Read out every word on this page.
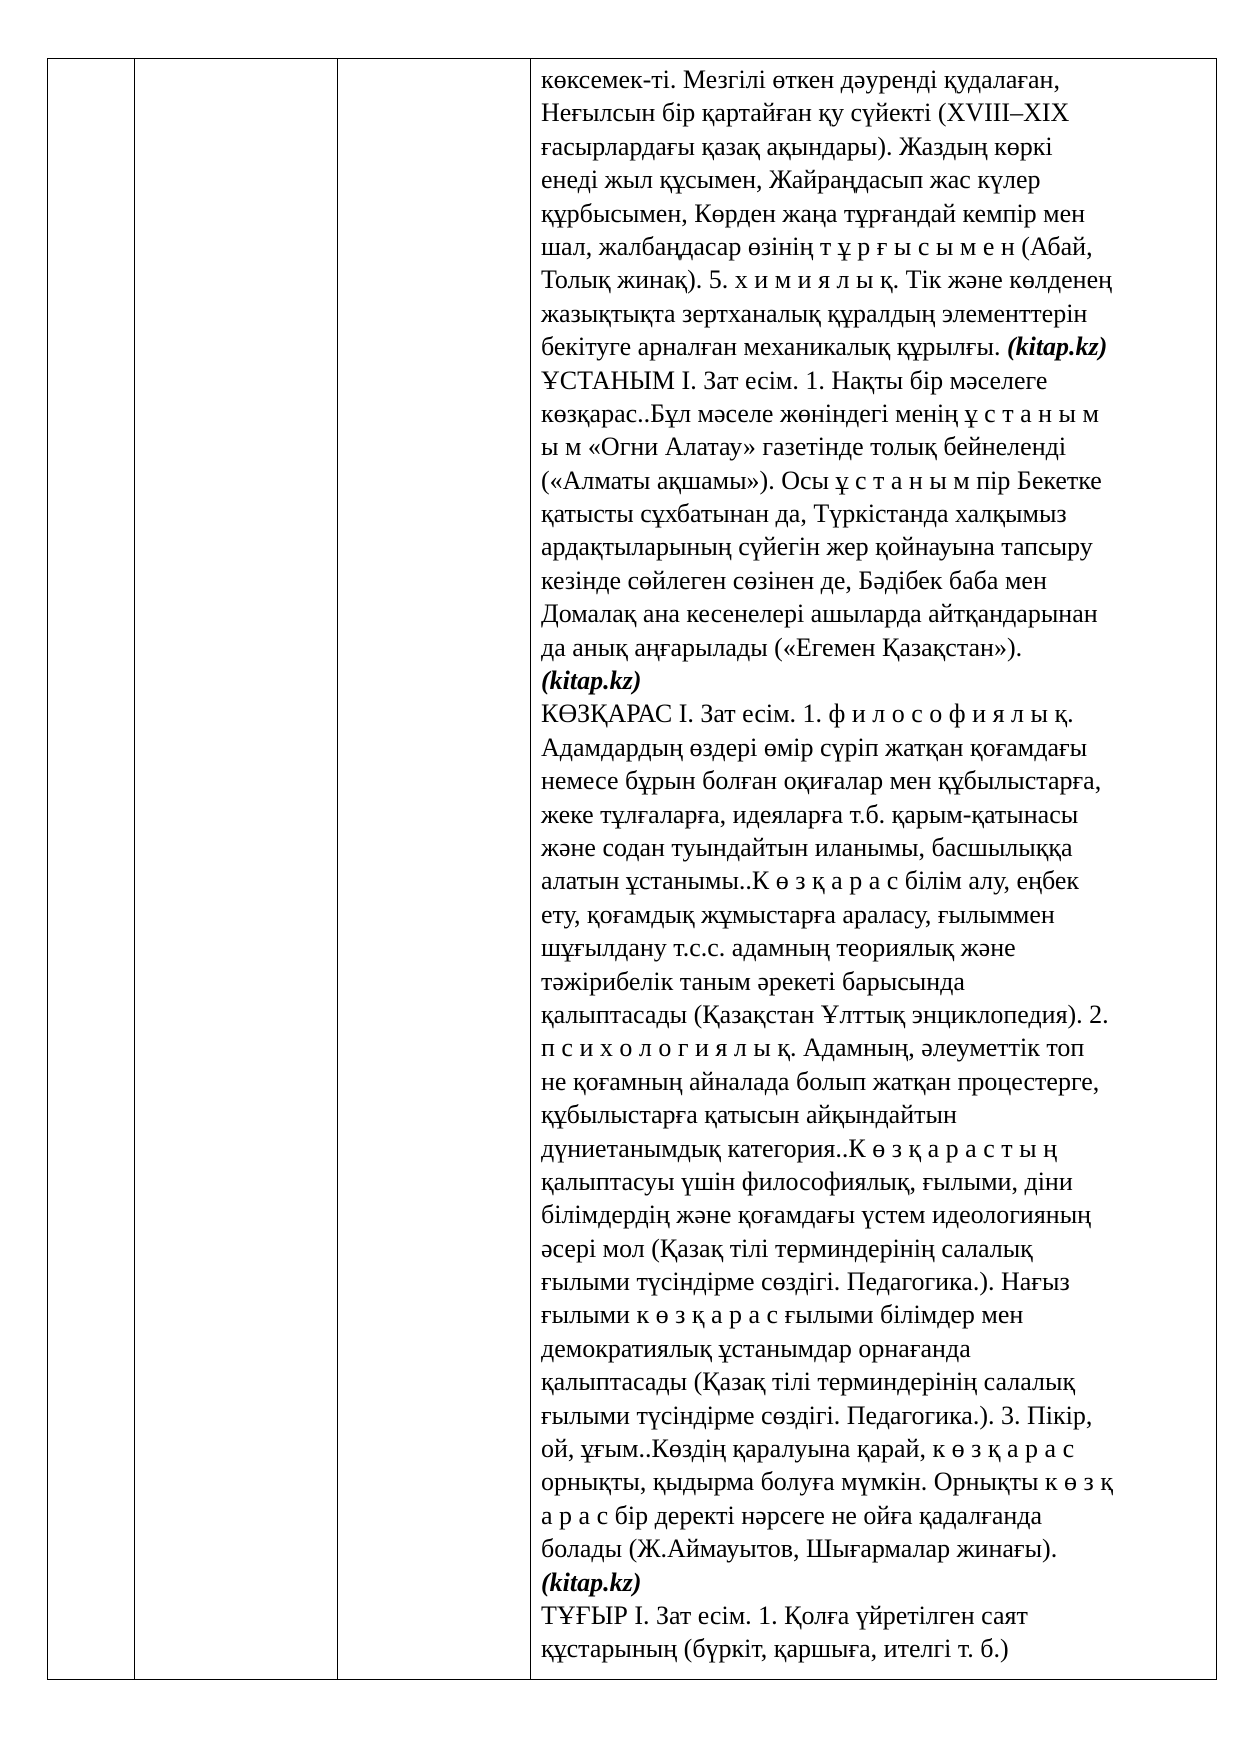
көксемек-ті. Мезгілі өткен дәуренді қудалаған,
Неғылсын бір қартайған қу сүйекті (XVIII–XIX
ғасырлардағы қазақ ақындары). Жаздың көркі
енеді жыл құсымен, Жайраңдасып жас күлер
құрбысымен, Көрден жаңа тұрғандай кемпір мен
шал, жалбаңдасар өзінің т ұ р ғ ы с ы м е н (Абай,
Толық жинақ). 5. х и м и я л ы қ. Тік және көлденең
жазықтықта зертханалық құралдың элементтерін
бекітуге арналған механикалық құрылғы. (kitap.kz)
ҰСТАНЫМ І. Зат есім. 1. Нақты бір мәселеге
көзқарас..Бұл мәселе жөніндегі менің ұ с т а н ы м
ы м «Огни Алатау» газетінде толық бейнеленді
(«Алматы ақшамы»). Осы ұ с т а н ы м пір Бекетке
қатысты сұхбатынан да, Түркістанда халқымыз
ардақтыларының сүйегін жер қойнауына тапсыру
кезінде сөйлеген сөзінен де, Бәдібек баба мен
Домалақ ана кесенелері ашыларда айтқандарынан
да анық аңғарылады («Егемен Қазақстан»).
(kitap.kz)
КӨЗҚАРАС І. Зат есім. 1. ф и л о с о ф и я л ы қ.
Адамдардың өздері өмір сүріп жатқан қоғамдағы
немесе бұрын болған оқиғалар мен құбылыстарға,
жеке тұлғаларға, идеяларға т.б. қарым-қатынасы
және содан туындайтын иланымы, басшылыққа
алатын ұстанымы..К ө з қ а р а с білім алу, еңбек
ету, қоғамдық жұмыстарға араласу, ғылыммен
шұғылдану т.с.с. адамның теориялық және
тәжірибелік таным әрекеті барысында
қалыптасады (Қазақстан Ұлттық энциклопедия). 2.
п с и х о л о г и я л ы қ. Адамның, әлеуметтік топ
не қоғамның айналада болып жатқан процестерге,
құбылыстарға қатысын айқындайтын
дүниетанымдық категория..К ө з қ а р а с т ы ң
қалыптасуы үшін философиялық, ғылыми, діни
білімдердің және қоғамдағы үстем идеологияның
әсері мол (Қазақ тілі терминдерінің салалық
ғылыми түсіндірме сөздігі. Педагогика.). Нағыз
ғылыми к ө з қ а р а с ғылыми білімдер мен
демократиялық ұстанымдар орнағанда
қалыптасады (Қазақ тілі терминдерінің салалық
ғылыми түсіндірме сөздігі. Педагогика.). 3. Пікір,
ой, ұғым..Көздің қаралуына қарай, к ө з қ а р а с
орнықты, қыдырма болуға мүмкін. Орнықты к ө з қ
а р а с бір деректі нәрсеге не ойға қадалғанда
болады (Ж.Аймауытов, Шығармалар жинағы).
(kitap.kz)
ТҰҒЫР І. Зат есім. 1. Қолға үйретілген саят
құстарының (бүркіт, қаршыға, ителгі т. б.)
